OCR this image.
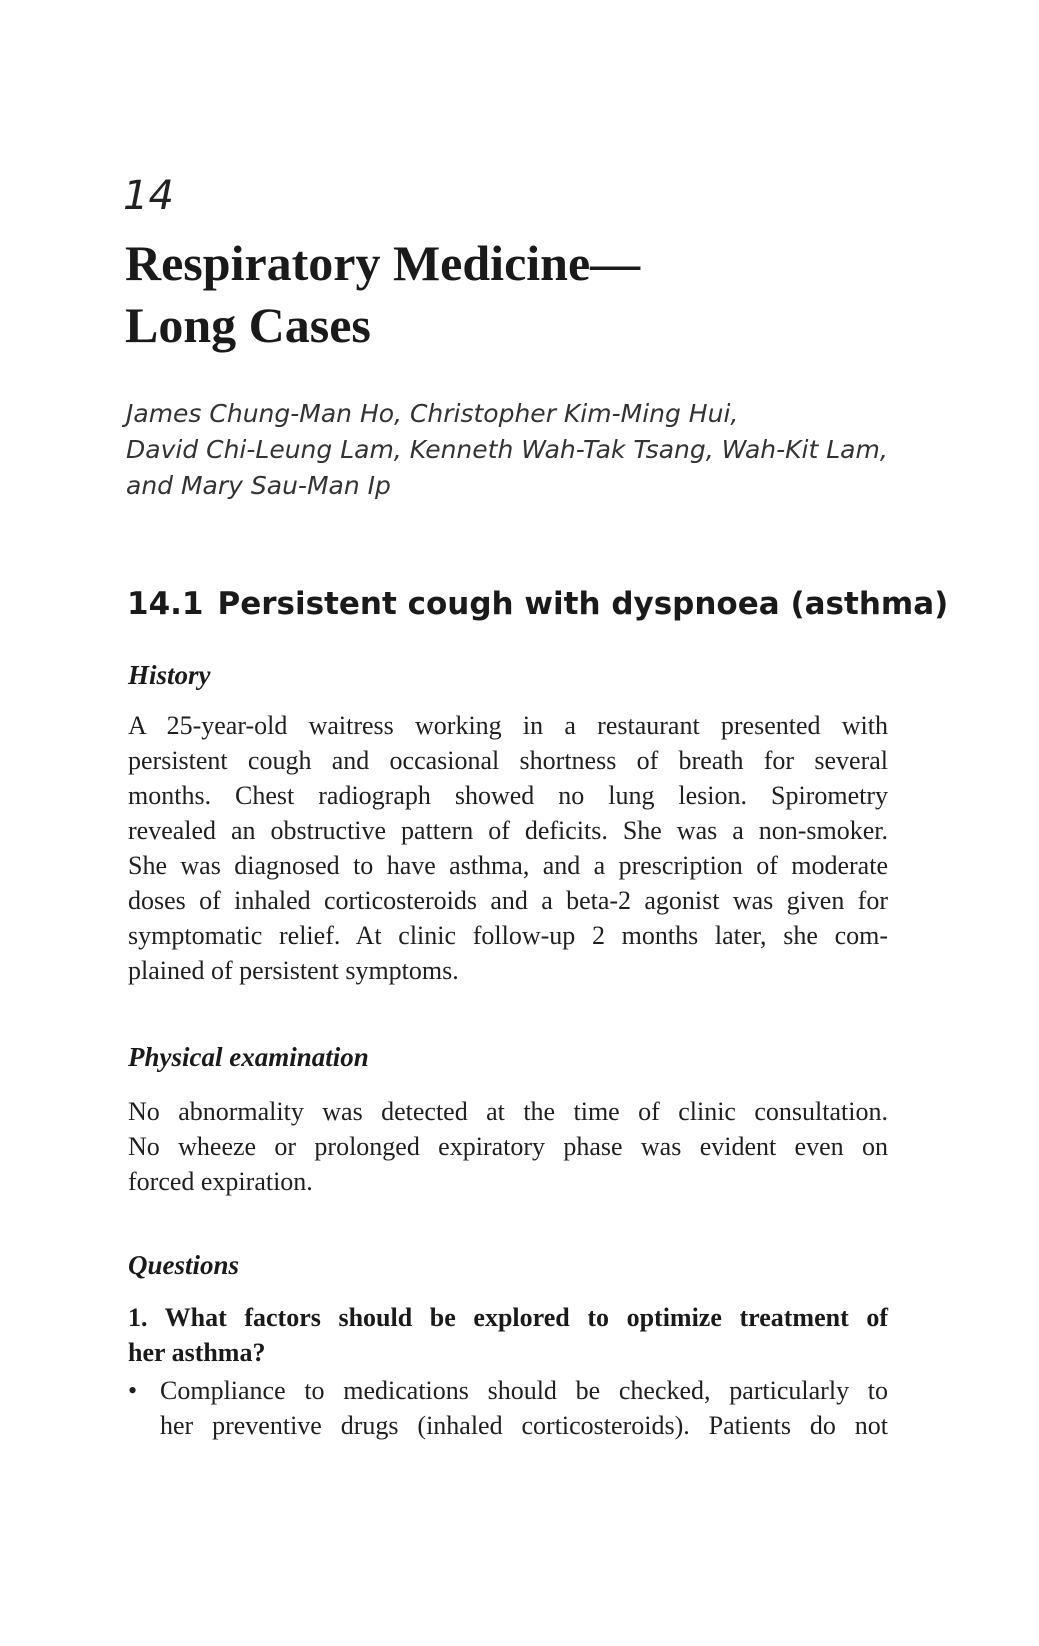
14
Respiratory Medicine—
Long Cases
James Chung-Man Ho, Christopher Kim-Ming Hui,
David Chi-Leung Lam, Kenneth Wah-Tak Tsang, Wah-Kit Lam,
and Mary Sau-Man Ip
14.1 Persistent cough with dyspnoea (asthma)
History
A 25-year-old waitress working in a restaurant presented with
persistent cough and occasional shortness of breath for several
months. Chest radiograph showed no lung lesion. Spirometry
revealed an obstructive pattern of deficits. She was a non-smoker.
She was diagnosed to have asthma, and a prescription of moderate
doses of inhaled corticosteroids and a beta-2 agonist was given for
symptomatic relief. At clinic follow-up 2 months later, she com-
plained of persistent symptoms.
Physical examination
No abnormality was detected at the time of clinic consultation.
No wheeze or prolonged expiratory phase was evident even on
forced expiration.
Questions
1. What factors should be explored to optimize treatment of
her asthma?
• Compliance to medications should be checked, particularly to
her preventive drugs (inhaled corticosteroids). Patients do not
